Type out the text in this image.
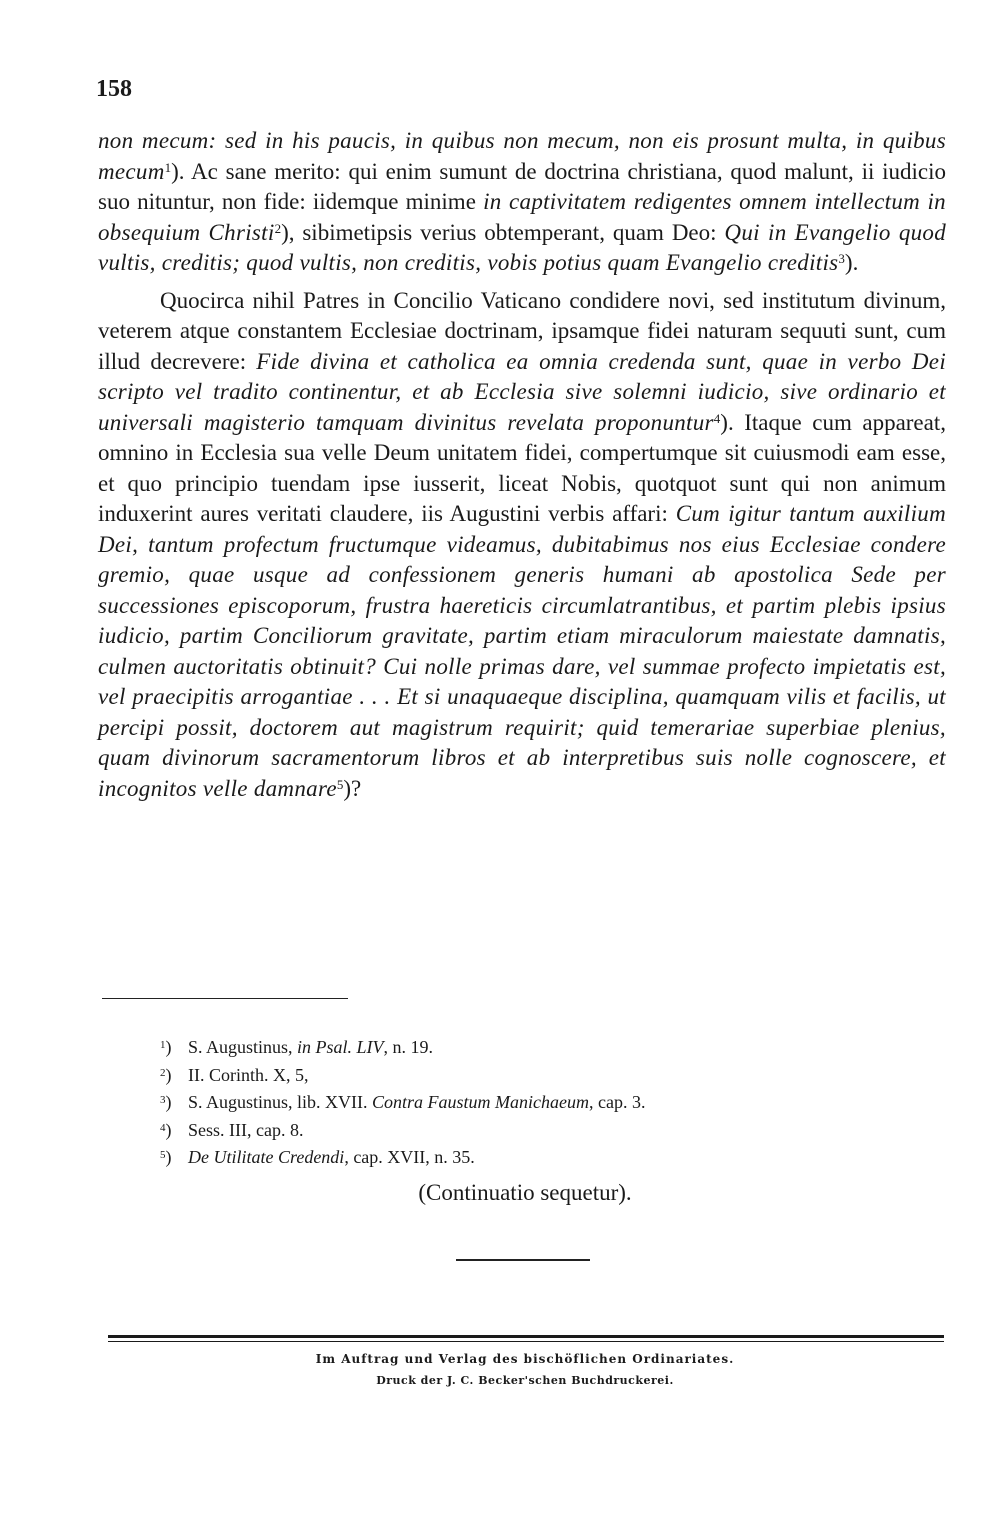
158

non mecum: sed in his paucis, in quibus non mecum, non eis prosunt multa, in quibus mecum$^1$). Ac sane merito: qui enim sumunt de doctrina christiana, quod malunt, ii iudicio suo nituntur, non fide: iidemque minime in captivitatem redigentes omnem intellectum in obsequium Christi$^2$), sibimetipsis verius obtemperant, quam Deo: Qui in Evangelio quod vultis, creditis; quod vultis, non creditis, vobis potius quam Evangelio creditis$^3$).

Quocirca nihil Patres in Concilio Vaticano condidere novi, sed institutum divinum, veterem atque constantem Ecclesiae doctrinam, ipsamque fidei naturam sequuti sunt, cum illud decrevere: Fide divina et catholica ea omnia credenda sunt, quae in verbo Dei scripto vel tradito continentur, et ab Ecclesia sive solemni iudicio, sive ordinario et universali magisterio tamquam divinitus revelata proponuntur$^4$). Itaque cum appareat, omnino in Ecclesia sua velle Deum unitatem fidei, compertumque sit cuiusmodi eam esse, et quo principio tuendam ipse iusserit, liceat Nobis, quotquot sunt qui non animum induxerint aures veritati claudere, iis Augustini verbis affari: Cum igitur tantum auxilium Dei, tantum profectum fructumque videamus, dubitabimus nos eius Ecclesiae condere gremio, quae usque ad confessionem generis humani ab apostolica Sede per successiones episcoporum, frustra haereticis circumlatrantibus, et partim plebis ipsius iudicio, partim Conciliorum gravitate, partim etiam miraculorum maiestate damnatis, culmen auctoritatis obtinuit? Cui nolle primas dare, vel summae profecto impietatis est, vel praecipitis arrogantiae . . . Et si unaquaeque disciplina, quamquam vilis et facilis, ut percipi possit, doctorem aut magistrum requirit; quid temerariae superbiae plenius, quam divinorum sacramentorum libros et ab interpretibus suis nolle cognoscere, et incognitos velle damnare$^5$)?

$^1$) S. Augustinus, in Psal. LIV, n. 19.
$^2$) II. Corinth. X, 5,
$^3$) S. Augustinus, lib. XVII. Contra Faustum Manichaeum, cap. 3.
$^4$) Sess. III, cap. 8.
$^5$) De Utilitate Credendi, cap. XVII, n. 35.
(Continuatio sequetur).
Im Auftrag und Verlag des bischöflichen Ordinariates.
Druck der J. C. Becker'schen Buchdruckerei.
